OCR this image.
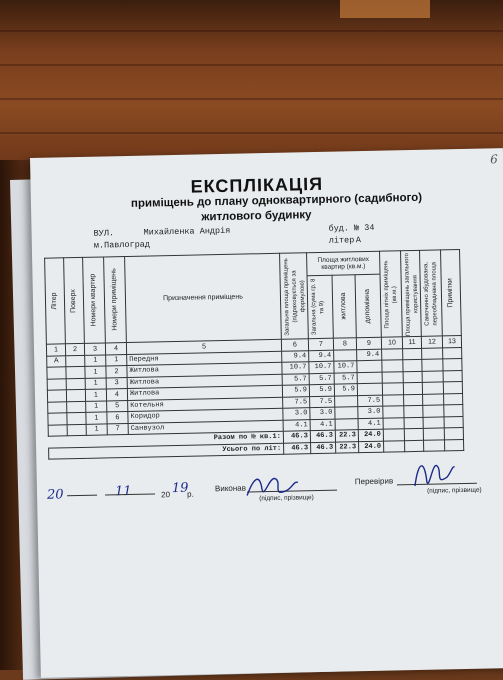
6
ЕКСПЛІКАЦІЯ
приміщень до плану одноквартирного (садибного)
житлового будинку
ВУЛ.	Михайленка Андрія	буд. № 34
м.Павлоград	літер А
Літер	Поверх	Номери квартир	Номери приміщень	Призначення приміщень	Загальна площа приміщень (підраховується за формулою)	Площа житлових квартир (кв.м.)			Площа літніх приміщень (кв.м.)	Площа приміщень загального користування	Самочинно збудована, переобладнана площа	Примітки

						Загальна (сума гр. 8 та 9)	житлова	допоміжна				

1	2	3	4	5	6	7	8	9	10	11	12	13
А		1	1	Передня	9.4	9.4		9.4				
		1	2	Житлова	10.7	10.7	10.7					
		1	3	Житлова	5.7	5.7	5.7					
		1	4	Житлова	5.9	5.9	5.9					
		1	5	Котельня	7.5	7.5		7.5				
		1	6	Коридор	3.0	3.0		3.0				
		1	7	Санвузол	4.1	4.1		4.1				
Разом по № кв.1:					46.3	46.3	22.3	24.0				
Усього по літ:					46.3	46.3	22.3	24.0				
20	11	20 19
р.
Виконав
(підпис, прізвище)
Перевірив
(підпис, прізвище)
